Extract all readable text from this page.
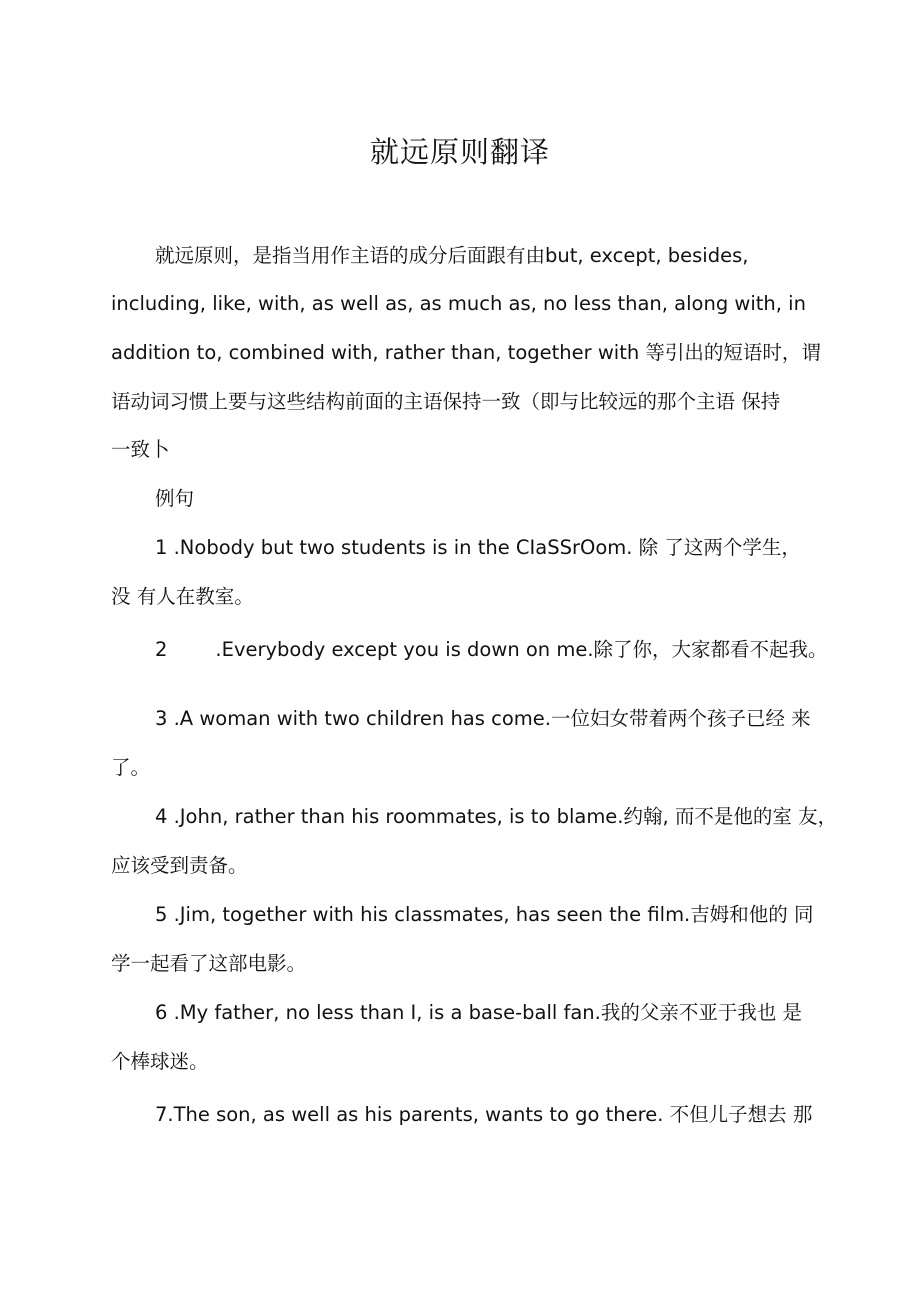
就远原则翻译

就远原则，是指当用作主语的成分后面跟有由but, except, besides,

including, like, with, as well as, as much as, no less than, along with, in

addition to, combined with, rather than, together with 等引出的短语时，谓

语动词习惯上要与这些结构前面的主语保持一致（即与比较远的那个主语 保持

一致卜

例句

1 .Nobody but two students is in the CIaSSrOom. 除 了这两个学生，

没 有人在教室。

2 .Everybody except you is down on me.除了你，大家都看不起我。

3 .A woman with two children has come.一位妇女带着两个孩子已经 来

了。

4 .John, rather than his roommates, is to blame.约翰, 而不是他的室 友，

应该受到责备。

5 .Jim, together with his classmates, has seen the film.吉姆和他的 同

学一起看了这部电影。

6 .My father, no less than I, is a base-ball fan.我的父亲不亚于我也 是

个棒球迷。

7.The son, as well as his parents, wants to go there. 不但儿子想去 那
